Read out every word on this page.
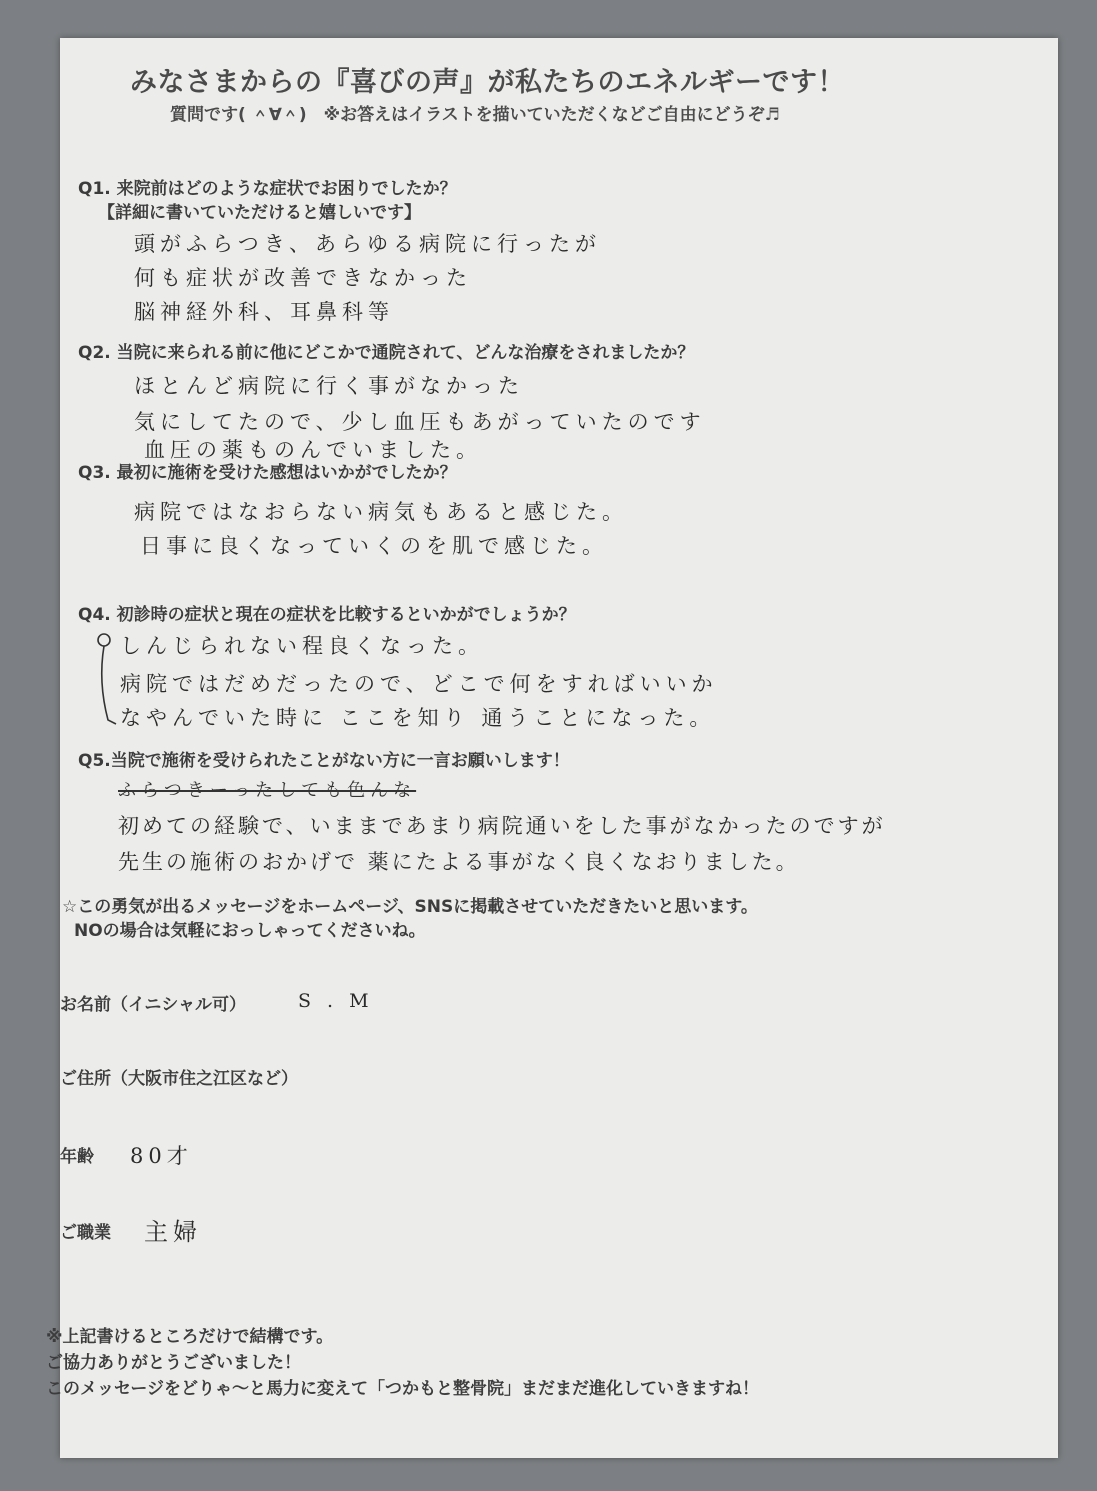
みなさまからの『喜びの声』が私たちのエネルギーです！
質問です( ＾∀＾)　※お答えはイラストを描いていただくなどご自由にどうぞ♬
Q1. 来院前はどのような症状でお困りでしたか？
【詳細に書いていただけると嬉しいです】
頭がふらつき、あらゆる病院に行ったが
何も症状が改善できなかった
脳神経外科、耳鼻科等
Q2. 当院に来られる前に他にどこかで通院されて、どんな治療をされましたか？
ほとんど病院に行く事がなかった
気にしてたので、少し血圧もあがっていたのです
血圧の薬ものんでいました。
Q3. 最初に施術を受けた感想はいかがでしたか？
病院ではなおらない病気もあると感じた。
日事に良くなっていくのを肌で感じた。
Q4. 初診時の症状と現在の症状を比較するといかがでしょうか？
しんじられない程良くなった。
病院ではだめだったので、どこで何をすればいいか
なやんでいた時に ここを知り 通うことになった。
Q5.当院で施術を受けられたことがない方に一言お願いします！
ふらつきーったしても色んな
初めての経験で、いままであまり病院通いをした事がなかったのですが
先生の施術のおかげで 薬にたよる事がなく良くなおりました。
☆この勇気が出るメッセージをホームページ、SNSに掲載させていただきたいと思います。
NOの場合は気軽におっしゃってくださいね。
お名前（イニシャル可）	S . M
ご住所（大阪市住之江区など）
年齢 80才
ご職業 主婦
※上記書けるところだけで結構です。
ご協力ありがとうございました！
このメッセージをどりゃ～と馬力に変えて「つかもと整骨院」まだまだ進化していきますね！
